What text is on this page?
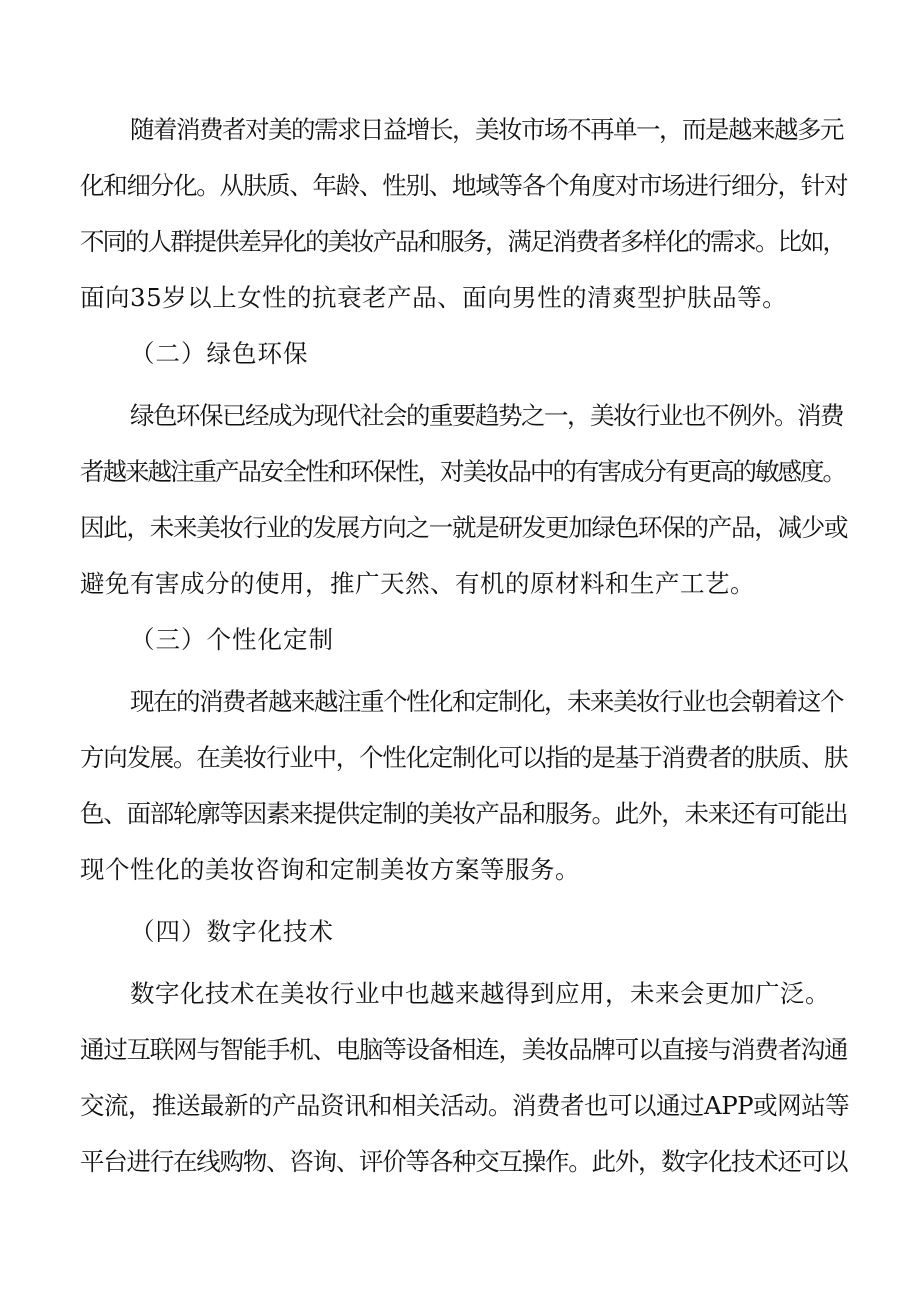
随着消费者对美的需求日益增长，美妆市场不再单一，而是越来越多元
化和细分化。从肤质、年龄、性别、地域等各个角度对市场进行细分，针对
不同的人群提供差异化的美妆产品和服务，满足消费者多样化的需求。比如，
面向35岁以上女性的抗衰老产品、面向男性的清爽型护肤品等。
（二）绿色环保
绿色环保已经成为现代社会的重要趋势之一，美妆行业也不例外。消费
者越来越注重产品安全性和环保性，对美妆品中的有害成分有更高的敏感度。
因此，未来美妆行业的发展方向之一就是研发更加绿色环保的产品，减少或
避免有害成分的使用，推广天然、有机的原材料和生产工艺。
（三）个性化定制
现在的消费者越来越注重个性化和定制化，未来美妆行业也会朝着这个
方向发展。在美妆行业中，个性化定制化可以指的是基于消费者的肤质、肤
色、面部轮廓等因素来提供定制的美妆产品和服务。此外，未来还有可能出
现个性化的美妆咨询和定制美妆方案等服务。
（四）数字化技术
数字化技术在美妆行业中也越来越得到应用，未来会更加广泛。
通过互联网与智能手机、电脑等设备相连，美妆品牌可以直接与消费者沟通
交流，推送最新的产品资讯和相关活动。消费者也可以通过APP或网站等
平台进行在线购物、咨询、评价等各种交互操作。此外，数字化技术还可以
